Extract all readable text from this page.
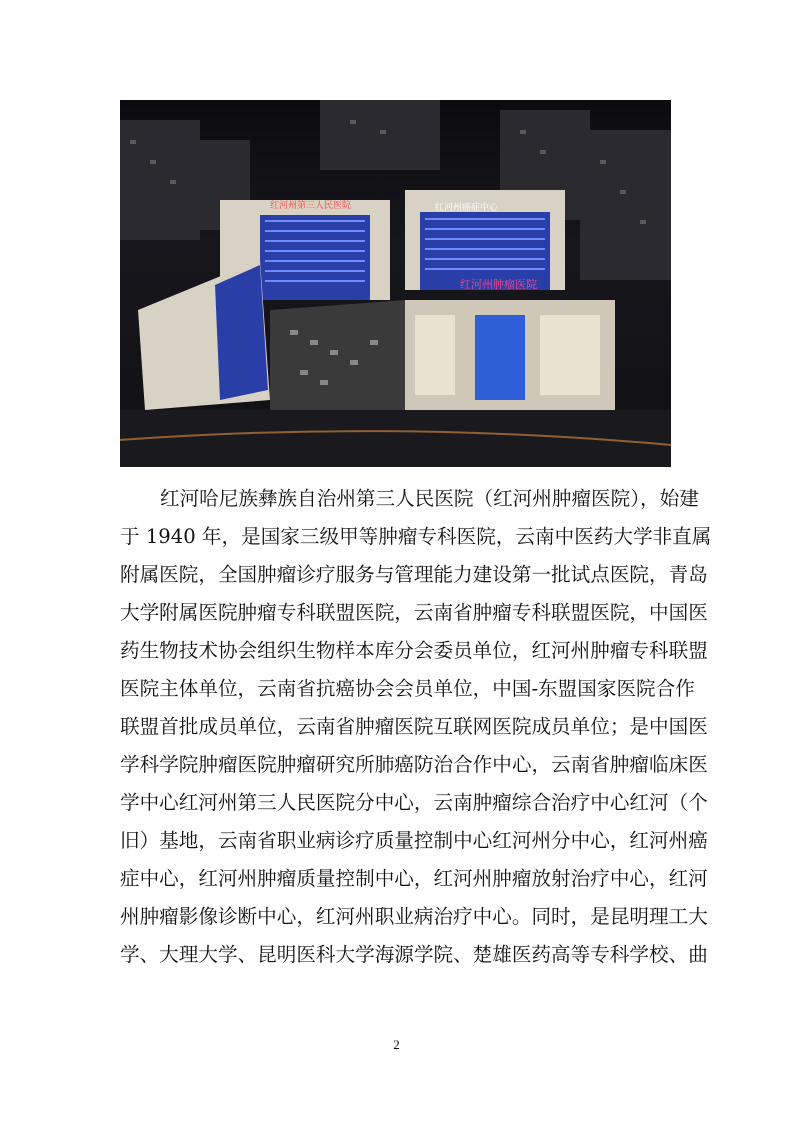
红河州第三人民医院	红河州癌症中心
红河州肿瘤医院
红河哈尼族彝族自治州第三人民医院（红河州肿瘤医院），始建
于 1940 年，是国家三级甲等肿瘤专科医院，云南中医药大学非直属
附属医院，全国肿瘤诊疗服务与管理能力建设第一批试点医院，青岛
大学附属医院肿瘤专科联盟医院，云南省肿瘤专科联盟医院，中国医
药生物技术协会组织生物样本库分会委员单位，红河州肿瘤专科联盟
医院主体单位，云南省抗癌协会会员单位，中国-东盟国家医院合作
联盟首批成员单位，云南省肿瘤医院互联网医院成员单位；是中国医
学科学院肿瘤医院肿瘤研究所肺癌防治合作中心，云南省肿瘤临床医
学中心红河州第三人民医院分中心，云南肿瘤综合治疗中心红河（个
旧）基地，云南省职业病诊疗质量控制中心红河州分中心，红河州癌
症中心，红河州肿瘤质量控制中心，红河州肿瘤放射治疗中心，红河
州肿瘤影像诊断中心，红河州职业病治疗中心。同时，是昆明理工大
学、大理大学、昆明医科大学海源学院、楚雄医药高等专科学校、曲
2
